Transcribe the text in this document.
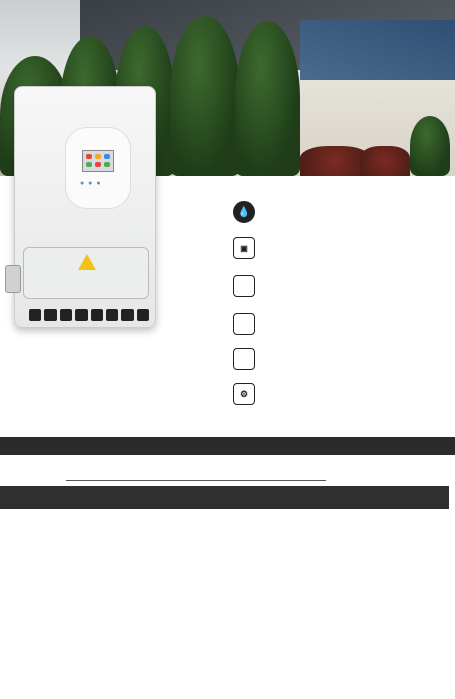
● ● ●
💧
▣
⚙
